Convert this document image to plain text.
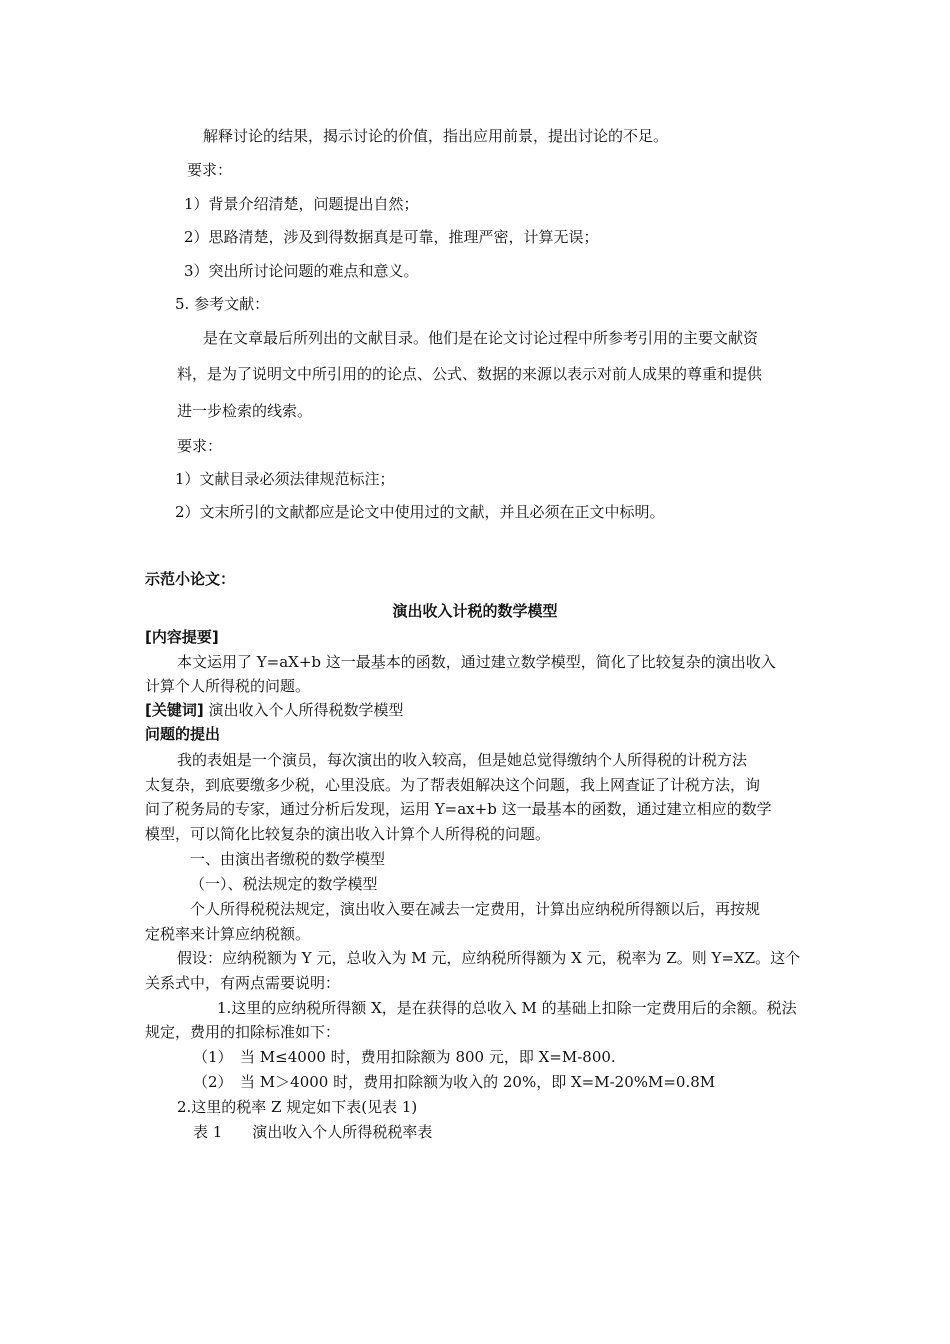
解释讨论的结果，揭示讨论的价值，指出应用前景，提出讨论的不足。
要求：
1）背景介绍清楚，问题提出自然；
2）思路清楚，涉及到得数据真是可靠，推理严密，计算无误；
3）突出所讨论问题的难点和意义。
5. 参考文献：
是在文章最后所列出的文献目录。他们是在论文讨论过程中所参考引用的主要文献资
料，是为了说明文中所引用的的论点、公式、数据的来源以表示对前人成果的尊重和提供
进一步检索的线索。
要求：
1）文献目录必须法律规范标注；
2）文末所引的文献都应是论文中使用过的文献，并且必须在正文中标明。
示范小论文：
演出收入计税的数学模型
[内容提要]
本文运用了 Y=aX+b 这一最基本的函数，通过建立数学模型，简化了比较复杂的演出收入
计算个人所得税的问题。
[关键词] 演出收入个人所得税数学模型
问题的提出
我的表姐是一个演员，每次演出的收入较高，但是她总觉得缴纳个人所得税的计税方法
太复杂，到底要缴多少税，心里没底。为了帮表姐解决这个问题，我上网查证了计税方法，询
问了税务局的专家，通过分析后发现，运用 Y=ax+b 这一最基本的函数，通过建立相应的数学
模型，可以简化比较复杂的演出收入计算个人所得税的问题。
一、由演出者缴税的数学模型
（一）、税法规定的数学模型
个人所得税税法规定，演出收入要在减去一定费用，计算出应纳税所得额以后，再按规
定税率来计算应纳税额。
假设：应纳税额为 Y 元，总收入为 M 元，应纳税所得额为 X 元，税率为 Z。则 Y=XZ。这个
关系式中，有两点需要说明：
1.这里的应纳税所得额 X，是在获得的总收入 M 的基础上扣除一定费用后的余额。税法
规定，费用的扣除标准如下：
（1）　当 M≤4000 时，费用扣除额为 800 元，即 X=M-800.
（2）　当 M＞4000 时，费用扣除额为收入的 20%，即 X=M-20%M=0.8M
2.这里的税率 Z 规定如下表(见表 1)
表 1　　演出收入个人所得税税率表
